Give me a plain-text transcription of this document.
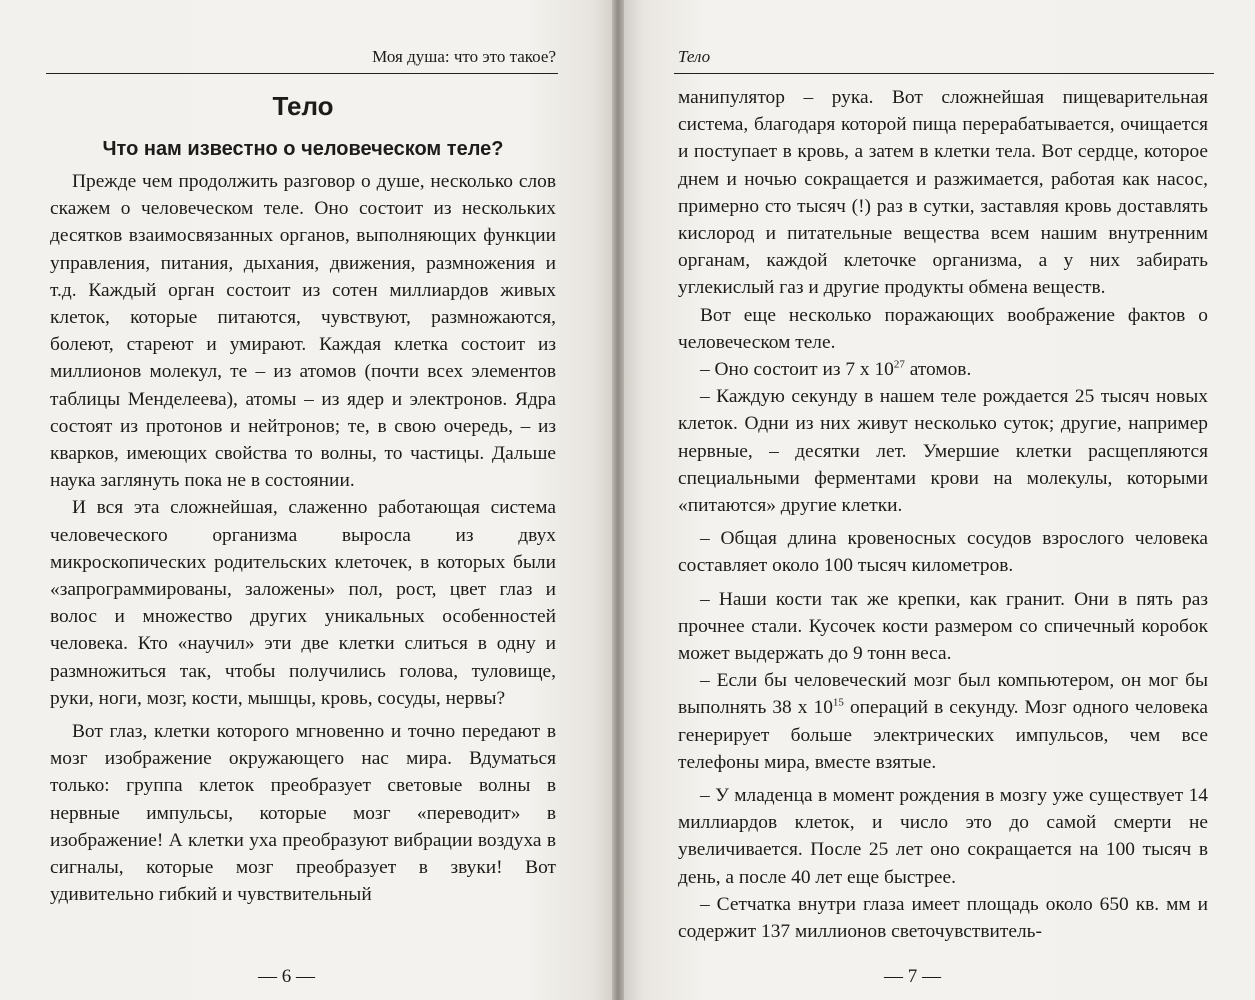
Моя душа: что это такое?
Тело
Что нам известно о человеческом теле?

Прежде чем продолжить разговор о душе, несколько слов скажем о человеческом теле. Оно состоит из нескольких десятков взаимосвязанных органов, выполняющих функции управления, питания, дыхания, движения, размножения и т.д. Каждый орган состоит из сотен миллиардов живых клеток, которые питаются, чувствуют, размножаются, болеют, стареют и умирают. Каждая клетка состоит из миллионов молекул, те – из атомов (почти всех элементов таблицы Менделеева), атомы – из ядер и электронов. Ядра состоят из протонов и нейтронов; те, в свою очередь, – из кварков, имеющих свойства то волны, то частицы. Дальше наука заглянуть пока не в состоянии.

И вся эта сложнейшая, слаженно работающая система человеческого организма выросла из двух микроскопических родительских клеточек, в которых были «запрограммированы, заложены» пол, рост, цвет глаз и волос и множество других уникальных особенностей человека. Кто «научил» эти две клетки слиться в одну и размножиться так, чтобы получились голова, туловище, руки, ноги, мозг, кости, мышцы, кровь, сосуды, нервы?

Вот глаз, клетки которого мгновенно и точно передают в мозг изображение окружающего нас мира. Вдуматься только: группа клеток преобразует световые волны в нервные импульсы, которые мозг «переводит» в изображение! А клетки уха преобразуют вибрации воздуха в сигналы, которые мозг преобразует в звуки! Вот удивительно гибкий и чувствительный

— 6 —
Тело

манипулятор – рука. Вот сложнейшая пищеварительная система, благодаря которой пища перерабатывается, очищается и поступает в кровь, а затем в клетки тела. Вот сердце, которое днем и ночью сокращается и разжимается, работая как насос, примерно сто тысяч (!) раз в сутки, заставляя кровь доставлять кислород и питательные вещества всем нашим внутренним органам, каждой клеточке организма, а у них забирать углекислый газ и другие продукты обмена веществ.

Вот еще несколько поражающих воображение фактов о человеческом теле.

– Оно состоит из 7 x $10^{27}$ атомов.

– Каждую секунду в нашем теле рождается 25 тысяч новых клеток. Одни из них живут несколько суток; другие, например нервные, – десятки лет. Умершие клетки расщепляются специальными ферментами крови на молекулы, которыми «питаются» другие клетки.

– Общая длина кровеносных сосудов взрослого человека составляет около 100 тысяч километров.

– Наши кости так же крепки, как гранит. Они в пять раз прочнее стали. Кусочек кости размером со спичечный коробок может выдержать до 9 тонн веса.

– Если бы человеческий мозг был компьютером, он мог бы выполнять 38 x $10^{15}$ операций в секунду. Мозг одного человека генерирует больше электрических импульсов, чем все телефоны мира, вместе взятые.

– У младенца в момент рождения в мозгу уже существует 14 миллиардов клеток, и число это до самой смерти не увеличивается. После 25 лет оно сокращается на 100 тысяч в день, а после 40 лет еще быстрее.

– Сетчатка внутри глаза имеет площадь около 650 кв. мм и содержит 137 миллионов светочувствитель-

— 7 —
